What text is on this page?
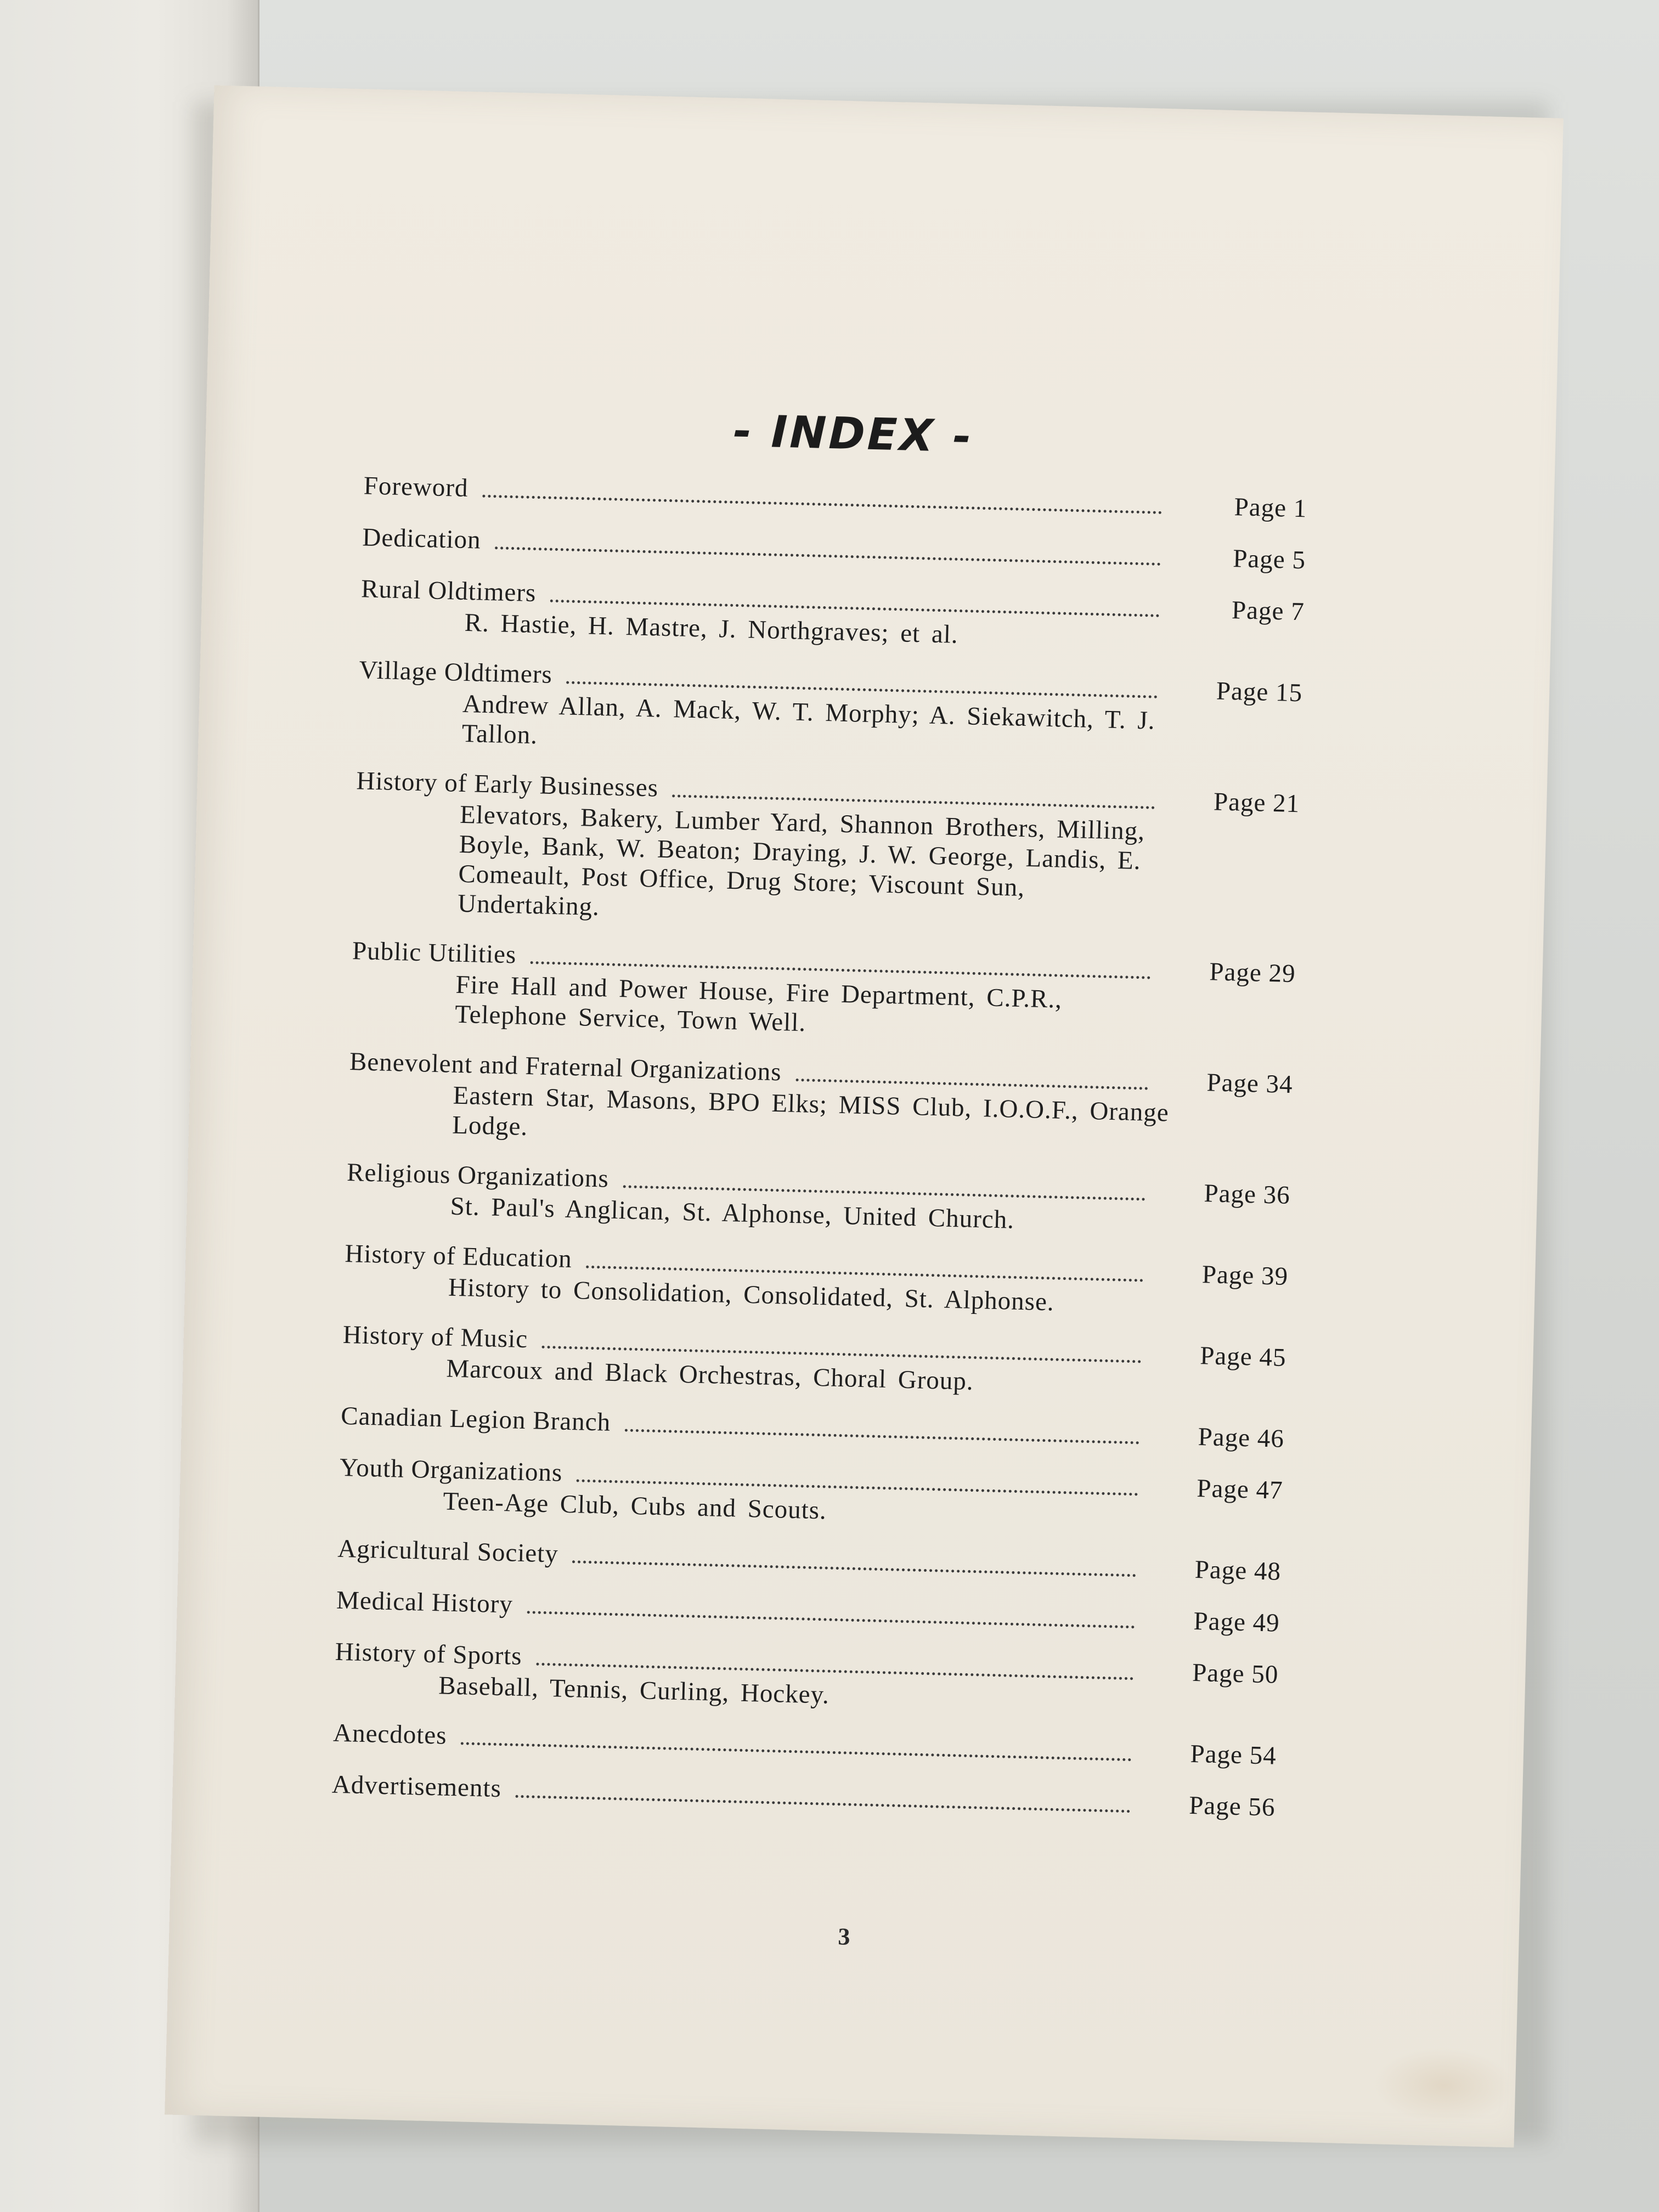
- INDEX -
Foreword
Page 1
Dedication
Page 5
Rural Oldtimers
Page 7
R. Hastie, H. Mastre, J. Northgraves; et al.
Village Oldtimers
Page 15
Andrew Allan, A. Mack, W. T. Morphy; A. Siekawitch, T. J. Tallon.
History of Early Businesses
Page 21
Elevators, Bakery, Lumber Yard, Shannon Brothers, Milling, Boyle, Bank, W. Beaton; Draying, J. W. George, Landis, E. Comeault, Post Office, Drug Store; Viscount Sun, Undertaking.
Public Utilities
Page 29
Fire Hall and Power House, Fire Department, C.P.R., Telephone Service, Town Well.
Benevolent and Fraternal Organizations	Page 34
Eastern Star, Masons, BPO Elks; MISS Club, I.O.O.F., Orange Lodge.
Religious Organizations
Page 36
St. Paul's Anglican, St. Alphonse, United Church.
History of Education
Page 39
History to Consolidation, Consolidated, St. Alphonse.
History of Music
Page 45
Marcoux and Black Orchestras, Choral Group.
Canadian Legion Branch
Page 46
Youth Organizations
Page 47
Teen-Age Club, Cubs and Scouts.
Agricultural Society
Page 48
Medical History
Page 49
History of Sports
Page 50
Baseball, Tennis, Curling, Hockey.
Anecdotes
Page 54
Advertisements
Page 56
3
